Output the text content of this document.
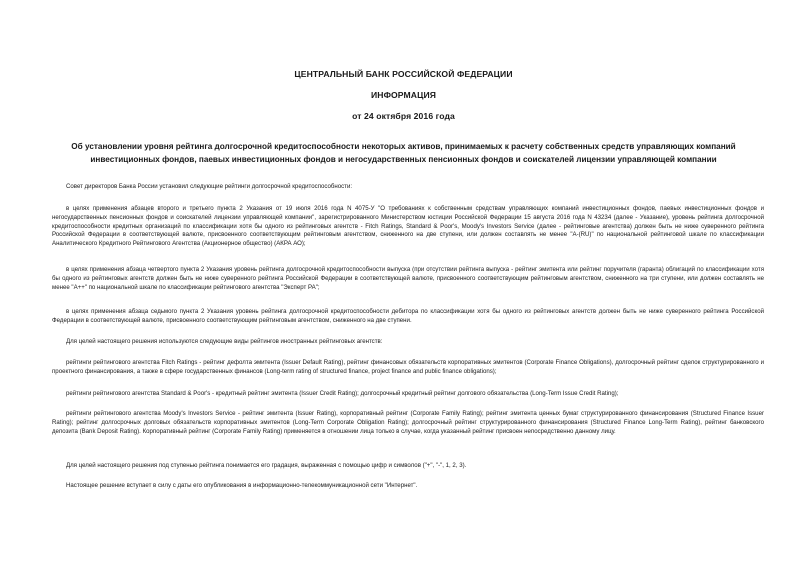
ЦЕНТРАЛЬНЫЙ БАНК РОССИЙСКОЙ ФЕДЕРАЦИИ
ИНФОРМАЦИЯ
от 24 октября 2016 года
Об установлении уровня рейтинга долгосрочной кредитоспособности некоторых активов, принимаемых к расчету собственных средств управляющих компаний инвестиционных фондов, паевых инвестиционных фондов и негосударственных пенсионных фондов и соискателей лицензии управляющей компании

Совет директоров Банка России установил следующие рейтинги долгосрочной кредитоспособности:

в целях применения абзацев второго и третьего пункта 2 Указания от 19 июля 2016 года N 4075-У "О требованиях к собственным средствам управляющих компаний инвестиционных фондов, паевых инвестиционных фондов и негосударственных пенсионных фондов и соискателей лицензии управляющей компании", зарегистрированного Министерством юстиции Российской Федерации 15 августа 2016 года N 43234 (далее - Указание), уровень рейтинга долгосрочной кредитоспособности кредитных организаций по классификации хотя бы одного из рейтинговых агентств - Fitch Ratings, Standard & Poor's, Moody's Investors Service (далее - рейтинговые агентства) должен быть не ниже суверенного рейтинга Российской Федерации в соответствующей валюте, присвоенного соответствующим рейтинговым агентством, сниженного на две ступени, или должен составлять не менее "A-(RU)" по национальной рейтинговой шкале по классификации Аналитического Кредитного Рейтингового Агентства (Акционерное общество) (АКРА АО);

в целях применения абзаца четвертого пункта 2 Указания уровень рейтинга долгосрочной кредитоспособности выпуска (при отсутствии рейтинга выпуска - рейтинг эмитента или рейтинг поручителя (гаранта) облигаций по классификации хотя бы одного из рейтинговых агентств должен быть не ниже суверенного рейтинга Российской Федерации в соответствующей валюте, присвоенного соответствующим рейтинговым агентством, сниженного на три ступени, или должен составлять не менее "A++" по национальной шкале по классификации рейтингового агентства "Эксперт РА";

в целях применения абзаца седьмого пункта 2 Указания уровень рейтинга долгосрочной кредитоспособности дебитора по классификации хотя бы одного из рейтинговых агентств должен быть не ниже суверенного рейтинга Российской Федерации в соответствующей валюте, присвоенного соответствующим рейтинговым агентством, сниженного на две ступени.

Для целей настоящего решения используются следующие виды рейтингов иностранных рейтинговых агентств:

рейтинги рейтингового агентства Fitch Ratings - рейтинг дефолта эмитента (Issuer Default Rating), рейтинг финансовых обязательств корпоративных эмитентов (Corporate Finance Obligations), долгосрочный рейтинг сделок структурированного и проектного финансирования, а также в сфере государственных финансов (Long-term rating of structured finance, project finance and public finance obligations);

рейтинги рейтингового агентства Standard & Poor's - кредитный рейтинг эмитента (Issuer Credit Rating); долгосрочный кредитный рейтинг долгового обязательства (Long-Term Issue Credit Rating);

рейтинги рейтингового агентства Moody's Investors Service - рейтинг эмитента (Issuer Rating), корпоративный рейтинг (Corporate Family Rating); рейтинг эмитента ценных бумаг структурированного финансирования (Structured Finance Issuer Rating); рейтинг долгосрочных долговых обязательств корпоративных эмитентов (Long-Term Corporate Obligation Rating); долгосрочный рейтинг структурированного финансирования (Structured Finance Long-Term Rating), рейтинг банковского депозита (Bank Deposit Rating). Корпоративный рейтинг (Corporate Family Rating) применяется в отношении лица только в случае, когда указанный рейтинг присвоен непосредственно данному лицу.

Для целей настоящего решения под ступенью рейтинга понимается его градация, выраженная с помощью цифр и символов ("+", "-", 1, 2, 3).

Настоящее решение вступает в силу с даты его опубликования в информационно-телекоммуникационной сети "Интернет".
